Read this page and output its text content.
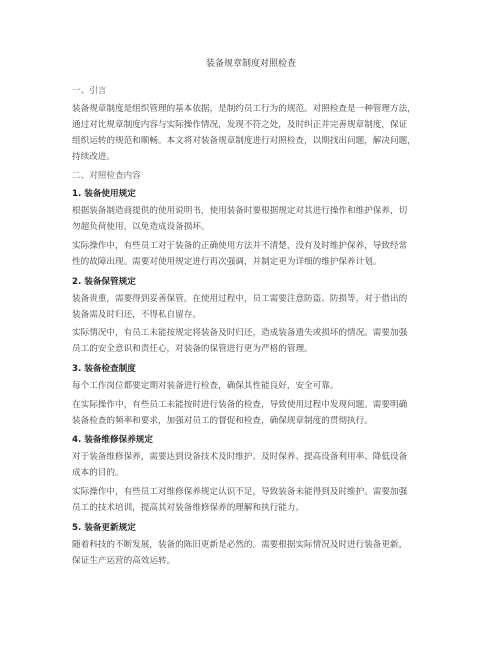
装备规章制度对照检查
一、引言

装备规章制度是组织管理的基本依据，是制约员工行为的规范。对照检查是一种管理方法，
通过对比规章制度内容与实际操作情况，发现不符之处，及时纠正并完善规章制度，保证
组织运转的规范和顺畅。本文将对装备规章制度进行对照检查，以期找出问题，解决问题，
持续改进。

二、对照检查内容
1. 装备使用规定

根据装备制造商提供的使用说明书，使用装备时要根据规定对其进行操作和维护保养，切
勿超负荷使用，以免造成设备损坏。

实际操作中，有些员工对于装备的正确使用方法并不清楚，没有及时维护保养，导致经常
性的故障出现。需要对使用规定进行再次强调，并制定更为详细的维护保养计划。

2. 装备保管规定

装备贵重，需要得到妥善保管。在使用过程中，员工需要注意防盗、防损等，对于借出的
装备需及时归还，不得私自留存。

实际情况中，有员工未能按规定将装备及时归还，造成装备遗失或损坏的情况。需要加强
员工的安全意识和责任心，对装备的保管进行更为严格的管理。

3. 装备检查制度

每个工作岗位都要定期对装备进行检查，确保其性能良好，安全可靠。

在实际操作中，有些员工未能按时进行装备的检查，导致使用过程中发现问题。需要明确
装备检查的频率和要求，加强对员工的督促和检查，确保规章制度的贯彻执行。

4. 装备维修保养规定

对于装备维修保养，需要达到设备技术及时维护、及时保养、提高设备利用率、降低设备
成本的目的。

实际操作中，有些员工对维修保养规定认识不足，导致装备未能得到及时维护。需要加强
员工的技术培训，提高其对装备维修保养的理解和执行能力。

5. 装备更新规定

随着科技的不断发展，装备的陈旧更新是必然的。需要根据实际情况及时进行装备更新，
保证生产运营的高效运转。
